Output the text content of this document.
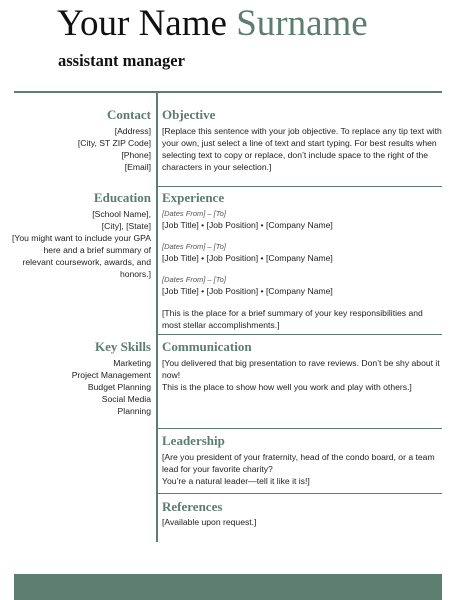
Your Name Surname
assistant manager
Contact
[Address]
[City, ST ZIP Code]
[Phone]
[Email]
Objective
[Replace this sentence with your job objective. To replace any tip text with your own, just select a line of text and start typing. For best results when selecting text to copy or replace, don’t include space to the right of the characters in your selection.]
Education
[School Name],
[City], [State]
[You might want to include your GPA here and a brief summary of relevant coursework, awards, and honors.]
Experience
[Dates From] – [To]
[Job Title] • [Job Position] • [Company Name]
[Dates From] – [To]
[Job Title] • [Job Position] • [Company Name]
[Dates From] – [To]
[Job Title] • [Job Position] • [Company Name]
[This is the place for a brief summary of your key responsibilities and most stellar accomplishments.]
Key Skills
Marketing
Project Management
Budget Planning
Social Media
Planning
Communication
[You delivered that big presentation to rave reviews. Don’t be shy about it now!
This is the place to show how well you work and play with others.]
Leadership
[Are you president of your fraternity, head of the condo board, or a team lead for your favorite charity?
You’re a natural leader—tell it like it is!]
References
[Available upon request.]
